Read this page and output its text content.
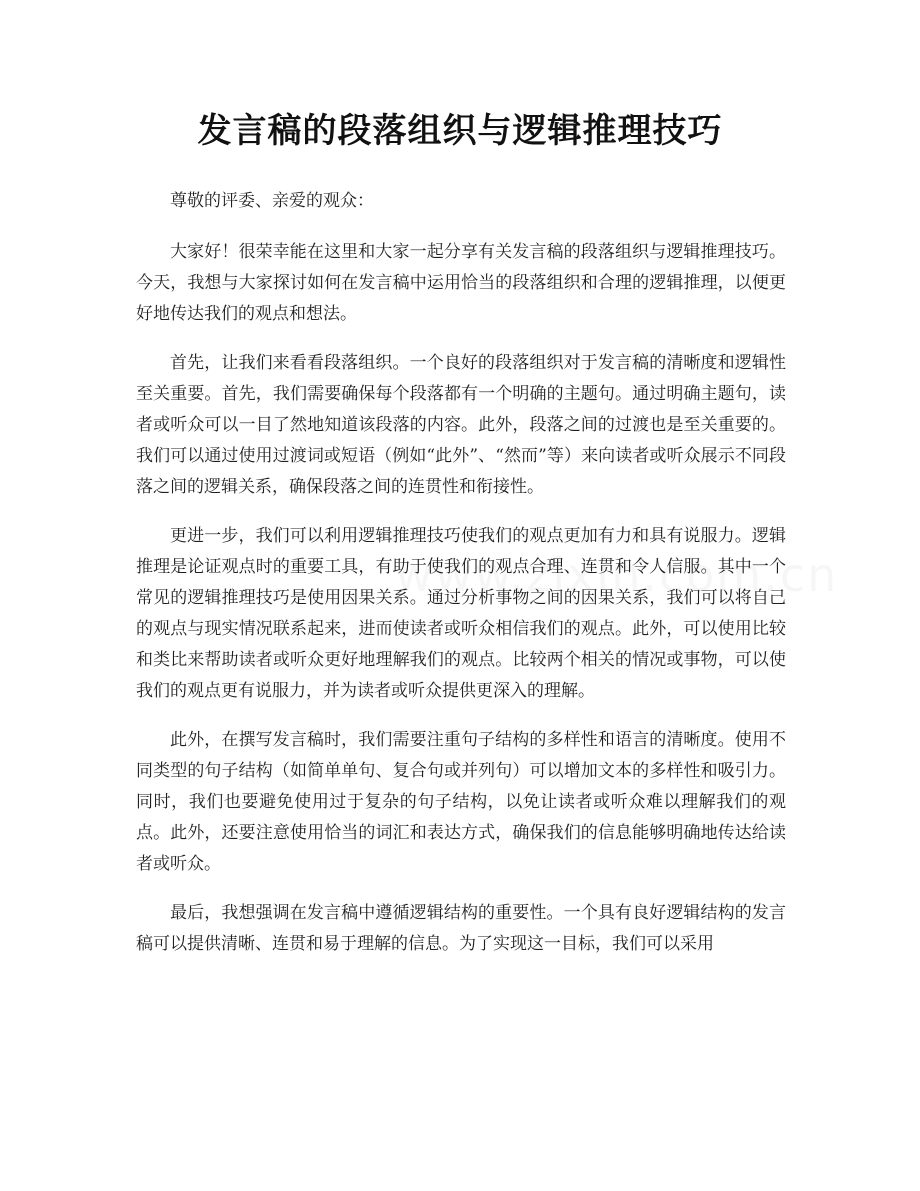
发言稿的段落组织与逻辑推理技巧

尊敬的评委、亲爱的观众：

大家好！很荣幸能在这里和大家一起分享有关发言稿的段落组织与逻辑推理技巧。今天，我想与大家探讨如何在发言稿中运用恰当的段落组织和合理的逻辑推理，以便更好地传达我们的观点和想法。

首先，让我们来看看段落组织。一个良好的段落组织对于发言稿的清晰度和逻辑性至关重要。首先，我们需要确保每个段落都有一个明确的主题句。通过明确主题句，读者或听众可以一目了然地知道该段落的内容。此外，段落之间的过渡也是至关重要的。我们可以通过使用过渡词或短语（例如“此外”、“然而”等）来向读者或听众展示不同段落之间的逻辑关系，确保段落之间的连贯性和衔接性。

更进一步，我们可以利用逻辑推理技巧使我们的观点更加有力和具有说服力。逻辑推理是论证观点时的重要工具，有助于使我们的观点合理、连贯和令人信服。其中一个常见的逻辑推理技巧是使用因果关系。通过分析事物之间的因果关系，我们可以将自己的观点与现实情况联系起来，进而使读者或听众相信我们的观点。此外，可以使用比较和类比来帮助读者或听众更好地理解我们的观点。比较两个相关的情况或事物，可以使我们的观点更有说服力，并为读者或听众提供更深入的理解。

此外，在撰写发言稿时，我们需要注重句子结构的多样性和语言的清晰度。使用不同类型的句子结构（如简单单句、复合句或并列句）可以增加文本的多样性和吸引力。同时，我们也要避免使用过于复杂的句子结构，以免让读者或听众难以理解我们的观点。此外，还要注意使用恰当的词汇和表达方式，确保我们的信息能够明确地传达给读者或听众。

最后，我想强调在发言稿中遵循逻辑结构的重要性。一个具有良好逻辑结构的发言稿可以提供清晰、连贯和易于理解的信息。为了实现这一目标，我们可以采用
